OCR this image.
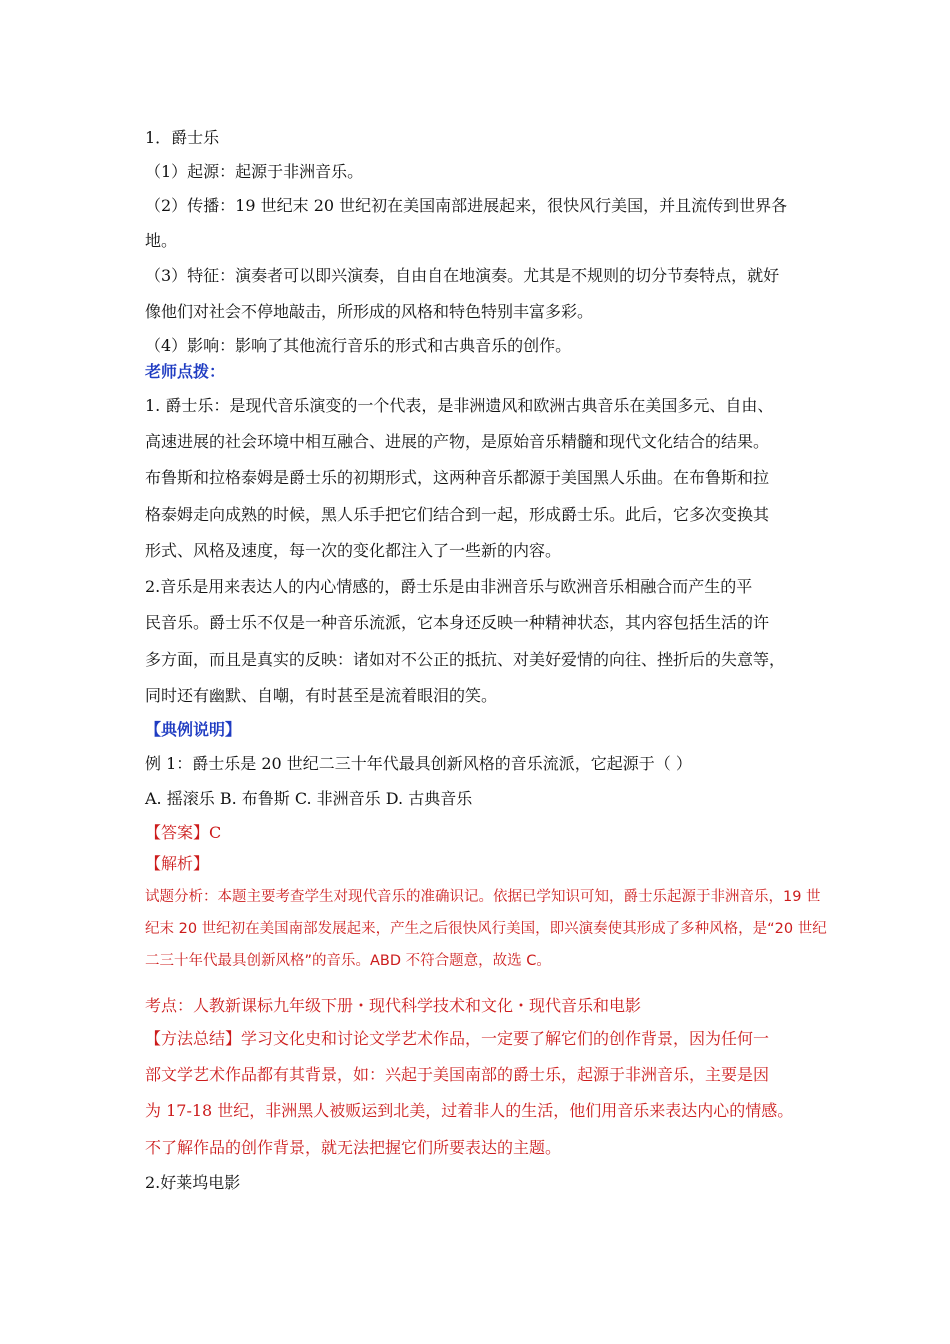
1．爵士乐
（1）起源：起源于非洲音乐。
（2）传播：19 世纪末 20 世纪初在美国南部进展起来，很快风行美国，并且流传到世界各
地。
（3）特征：演奏者可以即兴演奏，自由自在地演奏。尤其是不规则的切分节奏特点，就好
像他们对社会不停地敲击，所形成的风格和特色特别丰富多彩。
（4）影响：影响了其他流行音乐的形式和古典音乐的创作。
老师点拨：
1. 爵士乐：是现代音乐演变的一个代表，是非洲遗风和欧洲古典音乐在美国多元、自由、
高速进展的社会环境中相互融合、进展的产物，是原始音乐精髓和现代文化结合的结果。
布鲁斯和拉格泰姆是爵士乐的初期形式，这两种音乐都源于美国黑人乐曲。在布鲁斯和拉
格泰姆走向成熟的时候，黑人乐手把它们结合到一起，形成爵士乐。此后，它多次变换其
形式、风格及速度，每一次的变化都注入了一些新的内容。
2.音乐是用来表达人的内心情感的，爵士乐是由非洲音乐与欧洲音乐相融合而产生的平
民音乐。爵士乐不仅是一种音乐流派，它本身还反映一种精神状态，其内容包括生活的许
多方面，而且是真实的反映：诸如对不公正的抵抗、对美好爱情的向往、挫折后的失意等，
同时还有幽默、自嘲，有时甚至是流着眼泪的笑。
【典例说明】
例 1：爵士乐是 20 世纪二三十年代最具创新风格的音乐流派，它起源于（ ）
A. 摇滚乐 B. 布鲁斯 C. 非洲音乐 D. 古典音乐
【答案】C
【解析】
试题分析：本题主要考查学生对现代音乐的准确识记。依据已学知识可知，爵士乐起源于非洲音乐，19 世
纪末 20 世纪初在美国南部发展起来，产生之后很快风行美国，即兴演奏使其形成了多种风格，是“20 世纪
二三十年代最具创新风格”的音乐。ABD 不符合题意，故选 C。
考点：人教新课标九年级下册・现代科学技术和文化・现代音乐和电影
【方法总结】学习文化史和讨论文学艺术作品，一定要了解它们的创作背景，因为任何一
部文学艺术作品都有其背景，如：兴起于美国南部的爵士乐，起源于非洲音乐，主要是因
为 17-18 世纪，非洲黑人被贩运到北美，过着非人的生活，他们用音乐来表达内心的情感。
不了解作品的创作背景，就无法把握它们所要表达的主题。
2.好莱坞电影
